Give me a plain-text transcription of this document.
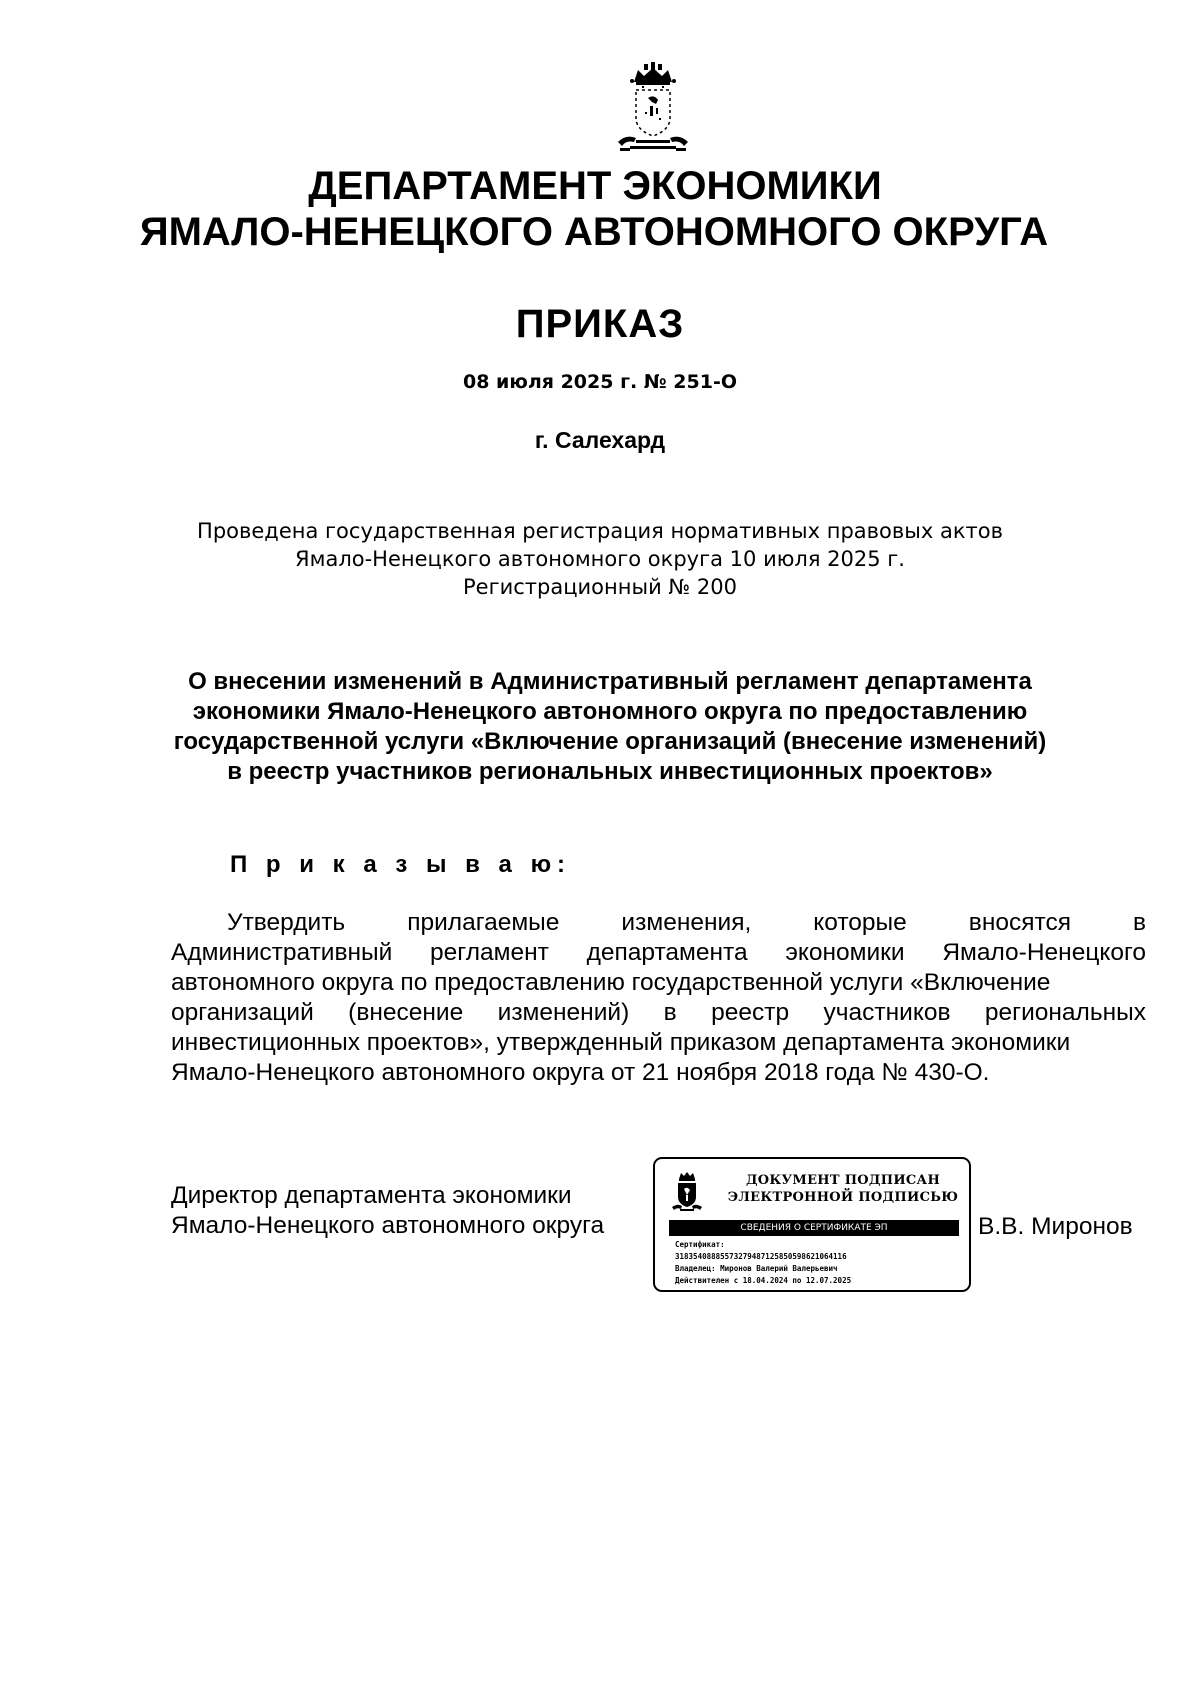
ДЕПАРТАМЕНТ ЭКОНОМИКИ
ЯМАЛО-НЕНЕЦКОГО АВТОНОМНОГО ОКРУГА
ПРИКАЗ
08 июля 2025 г. № 251-О
г. Салехард
Проведена государственная регистрация нормативных правовых актов
Ямало-Ненецкого автономного округа 10 июля 2025 г.
Регистрационный № 200
О внесении изменений в Административный регламент департамента
экономики Ямало-Ненецкого автономного округа по предоставлению
государственной услуги «Включение организаций (внесение изменений)
в реестр участников региональных инвестиционных проектов»
П р и к а з ы в а ю:
Утвердить прилагаемые изменения, которые вносятся в
Административный регламент департамента экономики Ямало-Ненецкого
автономного округа по предоставлению государственной услуги «Включение
организаций (внесение изменений) в реестр участников региональных
инвестиционных проектов», утвержденный приказом департамента экономики
Ямало-Ненецкого автономного округа от 21 ноября 2018 года № 430-О.
Директор департамента экономики
Ямало-Ненецкого автономного округа
ДОКУМЕНТ ПОДПИСАН
ЭЛЕКТРОННОЙ ПОДПИСЬЮ
СВЕДЕНИЯ О СЕРТИФИКАТЕ ЭП
Сертификат:
31835408885573279487125850598621064116
Владелец: Миронов Валерий Валерьевич
Действителен с 18.04.2024 по 12.07.2025
В.В. Миронов
